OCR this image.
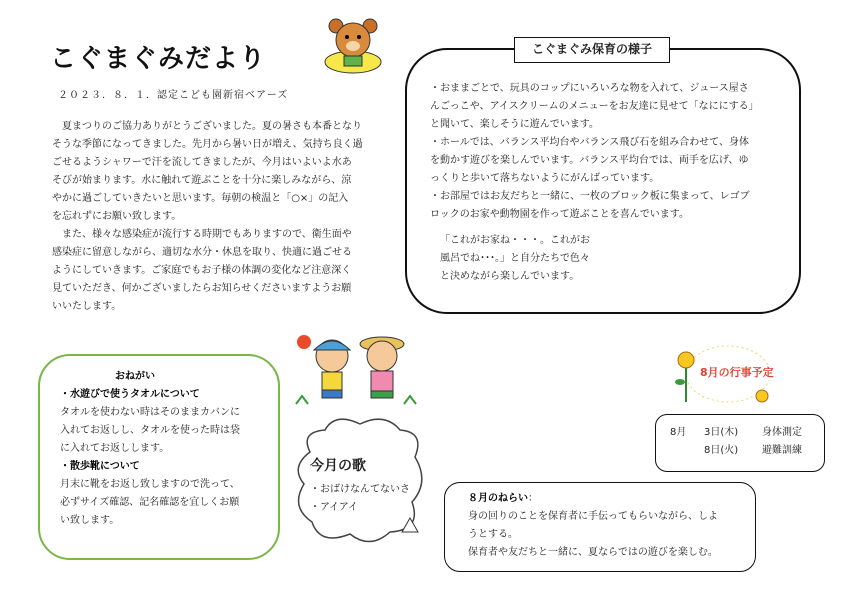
こぐまぐみだより
２０２３．８．１．認定こども園新宿ベアーズ
　夏まつりのご協力ありがとうございました。夏の暑さも本番となり
そうな季節になってきました。先月から暑い日が増え、気持ち良く過
ごせるようシャワーで汗を流してきましたが、今月はいよいよ水あ
そびが始まります。水に触れて遊ぶことを十分に楽しみながら、涼
やかに過ごしていきたいと思います。毎朝の検温と「○×」の記入
を忘れずにお願い致します。
　また、様々な感染症が流行する時期でもありますので、衛生面や
感染症に留意しながら、適切な水分・休息を取り、快適に過ごせる
ようにしていきます。ご家庭でもお子様の体調の変化など注意深く
見ていただき、何かございましたらお知らせくださいますようお願
いいたします。
こぐまぐみ保育の様子
・おままごとで、玩具のコップにいろいろな物を入れて、ジュース屋さ
んごっこや、アイスクリームのメニューをお友達に見せて「なににする」
と聞いて、楽しそうに遊んでいます。
・ホールでは、バランス平均台やバランス飛び石を組み合わせて、身体
を動かす遊びを楽しんでいます。バランス平均台では、両手を広げ、ゆ
っくりと歩いて落ちないようにがんばっています。
・お部屋ではお友だちと一緒に、一枚のブロック板に集まって、レゴブ
ロックのお家や動物園を作って遊ぶことを喜んでいます。
「これがお家ね・・・。これがお
風呂でね･･･。」と自分たちで色々
と決めながら楽しんでいます。
おねがい
・水遊びで使うタオルについて
タオルを使わない時はそのままカバンに
入れてお返しし、タオルを使った時は袋
に入れてお返しします。
・散歩靴について
月末に靴をお返し致しますので洗って、
必ずサイズ確認、記名確認を宜しくお願
い致します。
今月の歌
・おばけなんてないさ
・アイアイ
8月の行事予定
8月 3日(木) 身体測定
8日(火) 避難訓練
８月のねらい：
身の回りのことを保育者に手伝ってもらいながら、しよ
うとする。
保育者や友だちと一緒に、夏ならではの遊びを楽しむ。
